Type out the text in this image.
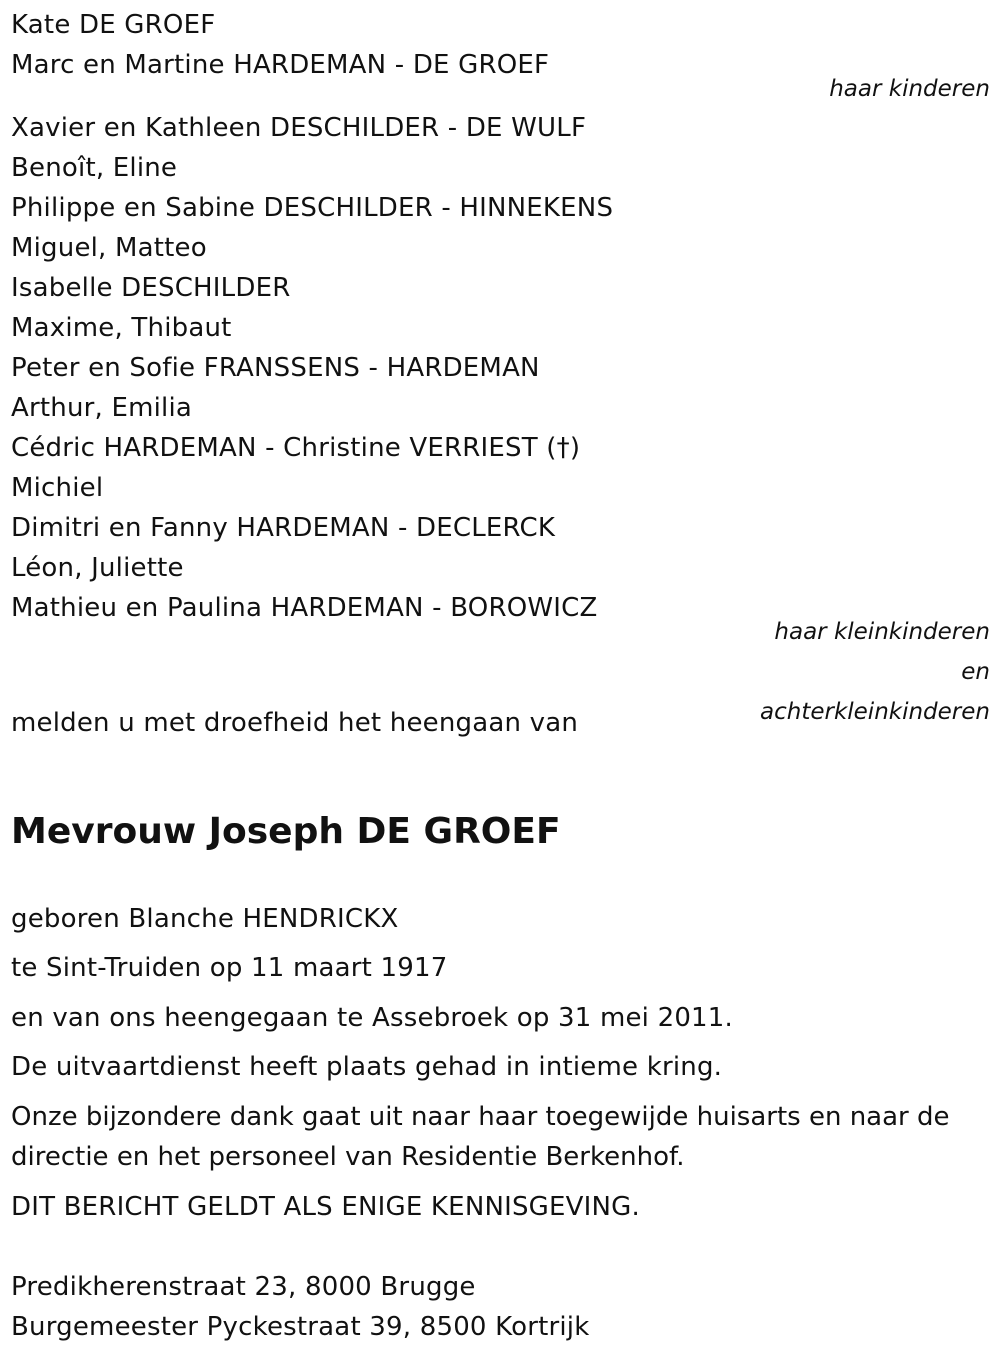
Kate DE GROEF
Marc en Martine HARDEMAN - DE GROEF
haar kinderen
Xavier en Kathleen DESCHILDER - DE WULF
Benoît, Eline
Philippe en Sabine DESCHILDER - HINNEKENS
Miguel, Matteo
Isabelle DESCHILDER
Maxime, Thibaut
Peter en Sofie FRANSSENS - HARDEMAN
Arthur, Emilia
Cédric HARDEMAN - Christine VERRIEST (†)
Michiel
Dimitri en Fanny HARDEMAN - DECLERCK
Léon, Juliette
Mathieu en Paulina HARDEMAN - BOROWICZ
haar kleinkinderen
en
achterkleinkinderen
melden u met droefheid het heengaan van
Mevrouw Joseph DE GROEF
geboren Blanche HENDRICKX
te Sint-Truiden op 11 maart 1917
en van ons heengegaan te Assebroek op 31 mei 2011.
De uitvaartdienst heeft plaats gehad in intieme kring.
Onze bijzondere dank gaat uit naar haar toegewijde huisarts en naar de directie en het personeel van Residentie Berkenhof.
DIT BERICHT GELDT ALS ENIGE KENNISGEVING.
Predikherenstraat 23, 8000 Brugge
Burgemeester Pyckestraat 39, 8500 Kortrijk
